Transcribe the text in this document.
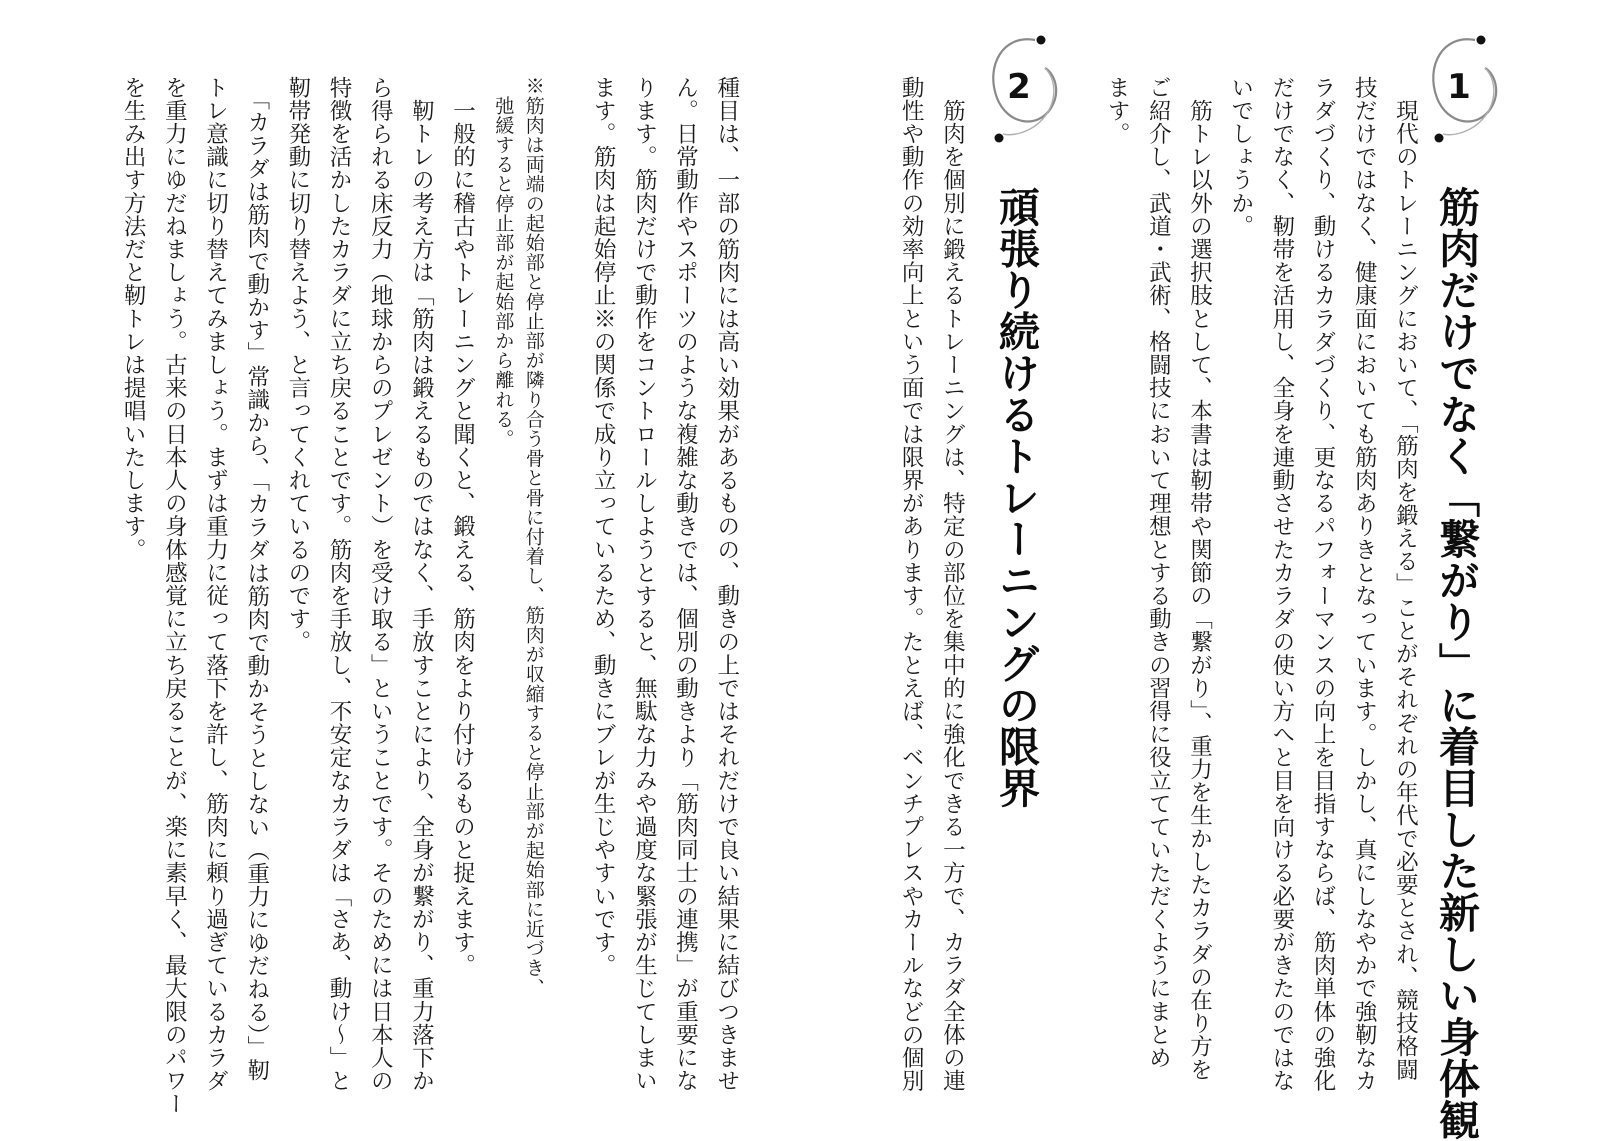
1
筋肉だけでなく「繋がり」に着目した新しい身体観

　現代のトレーニングにおいて、「筋肉を鍛える」ことがそれぞれの年代で必要とされ、競技格闘

技だけではなく、健康面においても筋肉ありきとなっています。しかし、真にしなやかで強靭なカ

ラダづくり、動けるカラダづくり、更なるパフォーマンスの向上を目指すならば、筋肉単体の強化

だけでなく、靭帯を活用し、全身を連動させたカラダの使い方へと目を向ける必要がきたのではな

いでしょうか。

　筋トレ以外の選択肢として、本書は靭帯や関節の「繋がり」、重力を生かしたカラダの在り方を

ご紹介し、武道・武術、格闘技において理想とする動きの習得に役立てていただくようにまとめ

ます。

2
頑張り続けるトレーニングの限界

　筋肉を個別に鍛えるトレーニングは、特定の部位を集中的に強化できる一方で、カラダ全体の連

動性や動作の効率向上という面では限界があります。たとえば、ベンチプレスやカールなどの個別

種目は、一部の筋肉には高い効果があるものの、動きの上ではそれだけで良い結果に結びつきませ

ん。日常動作やスポーツのような複雑な動きでは、個別の動きより「筋肉同士の連携」が重要にな

ります。筋肉だけで動作をコントロールしようとすると、無駄な力みや過度な緊張が生じてしまい

ます。筋肉は起始停止※の関係で成り立っているため、動きにブレが生じやすいです。

※筋肉は両端の起始部と停止部が隣り合う骨と骨に付着し、筋肉が収縮すると停止部が起始部に近づき、

　弛緩すると停止部が起始部から離れる。

　一般的に稽古やトレーニングと聞くと、鍛える、筋肉をより付けるものと捉えます。

　靭トレの考え方は「筋肉は鍛えるものではなく、手放すことにより、全身が繋がり、重力落下か

ら得られる床反力（地球からのプレゼント）を受け取る」ということです。そのためには日本人の

特徴を活かしたカラダに立ち戻ることです。筋肉を手放し、不安定なカラダは「さあ、動け～」と

靭帯発動に切り替えよう、と言ってくれているのです。

　「カラダは筋肉で動かす」常識から、「カラダは筋肉で動かそうとしない（重力にゆだねる）」靭

トレ意識に切り替えてみましょう。まずは重力に従って落下を許し、筋肉に頼り過ぎているカラダ

を重力にゆだねましょう。古来の日本人の身体感覚に立ち戻ることが、楽に素早く、最大限のパワー

を生み出す方法だと靭トレは提唱いたします。
